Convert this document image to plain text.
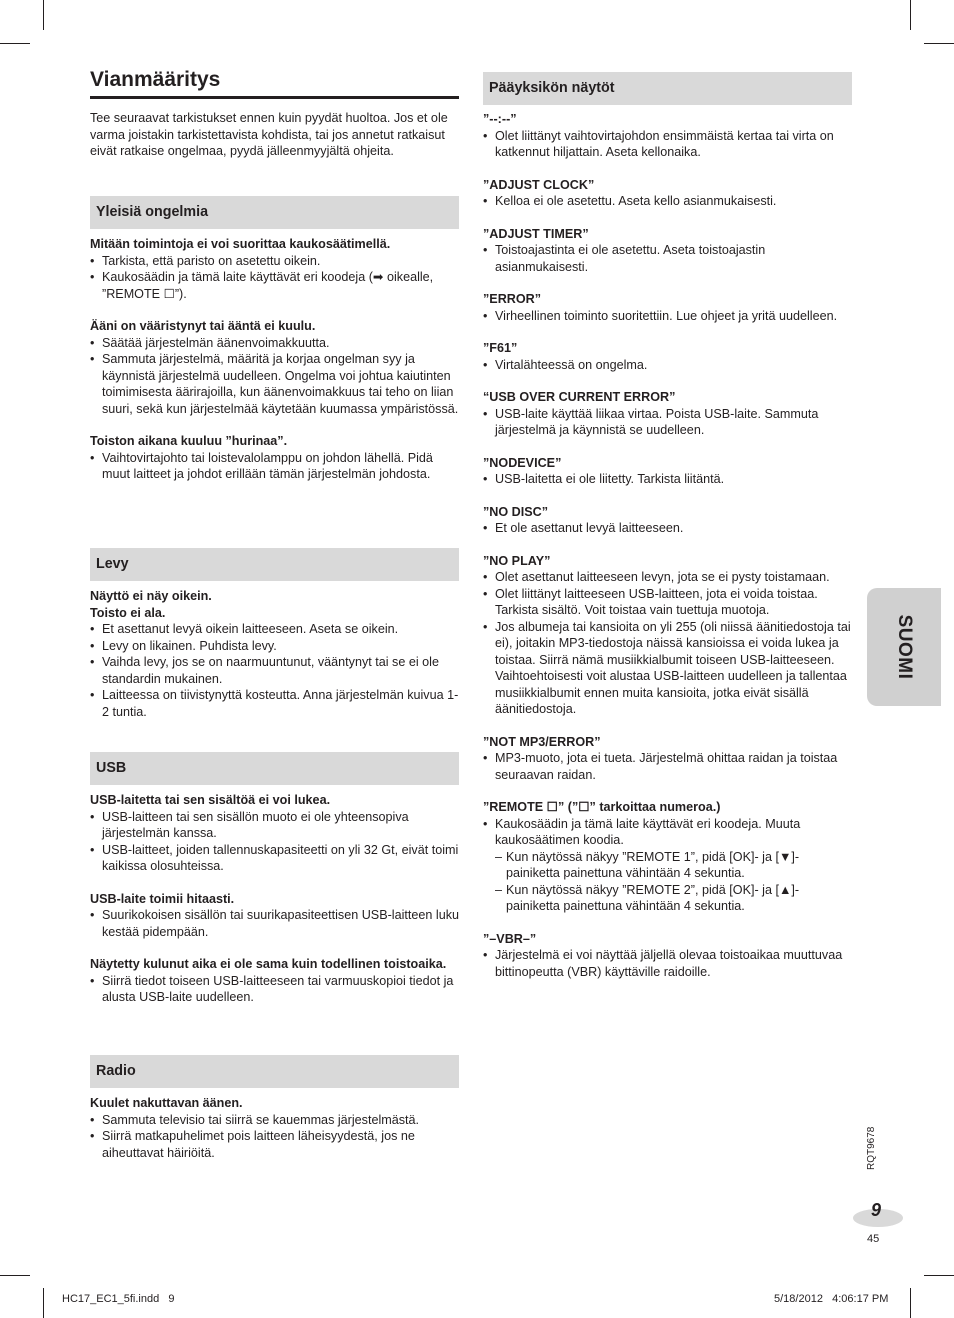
Vianmääritys

Tee seuraavat tarkistukset ennen kuin pyydät huoltoa. Jos et ole varma joistakin tarkistettavista kohdista, tai jos annetut ratkaisut eivät ratkaise ongelmaa, pyydä jälleenmyyjältä ohjeita.

Yleisiä ongelmia

Mitään toimintoja ei voi suorittaa kaukosäätimellä.

• Tarkista, että paristo on asetettu oikein.
• Kaukosäädin ja tämä laite käyttävät eri koodeja (➡ oikealle, ”REMOTE ☐”).

Ääni on vääristynyt tai ääntä ei kuulu.

• Säätää järjestelmän äänenvoimakkuutta.
• Sammuta järjestelmä, määritä ja korjaa ongelman syy ja käynnistä järjestelmä uudelleen. Ongelma voi johtua kaiutinten toimimisesta äärirajoilla, kun äänenvoimakkuus tai teho on liian suuri, sekä kun järjestelmää käytetään kuumassa ympäristössä.

Toiston aikana kuuluu ”hurinaa”.

• Vaihtovirtajohto tai loistevalolamppu on johdon lähellä. Pidä muut laitteet ja johdot erillään tämän järjestelmän johdosta.
Levy

Näyttö ei näy oikein.

Toisto ei ala.

• Et asettanut levyä oikein laitteeseen. Aseta se oikein.
• Levy on likainen. Puhdista levy.
• Vaihda levy, jos se on naarmuuntunut, vääntynyt tai se ei ole standardin mukainen.
• Laitteessa on tiivistynyttä kosteutta. Anna järjestelmän kuivua 1-2 tuntia.
USB

USB-laitetta tai sen sisältöä ei voi lukea.

• USB-laitteen tai sen sisällön muoto ei ole yhteensopiva järjestelmän kanssa.
• USB-laitteet, joiden tallennuskapasiteetti on yli 32 Gt, eivät toimi kaikissa olosuhteissa.

USB-laite toimii hitaasti.

• Suurikokoisen sisällön tai suurikapasiteettisen USB-laitteen luku kestää pidempään.

Näytetty kulunut aika ei ole sama kuin todellinen toistoaika.

• Siirrä tiedot toiseen USB-laitteeseen tai varmuuskopioi tiedot ja alusta USB-laite uudelleen.
Radio

Kuulet nakuttavan äänen.

• Sammuta televisio tai siirrä se kauemmas järjestelmästä.
• Siirrä matkapuhelimet pois laitteen läheisyydestä, jos ne aiheuttavat häiriöitä.
Pääyksikön näytöt

”--:--”

• Olet liittänyt vaihtovirtajohdon ensimmäistä kertaa tai virta on katkennut hiljattain. Aseta kellonaika.

”ADJUST CLOCK”

• Kelloa ei ole asetettu. Aseta kello asianmukaisesti.

”ADJUST TIMER”

• Toistoajastinta ei ole asetettu. Aseta toistoajastin asianmukaisesti.

”ERROR”

• Virheellinen toiminto suoritettiin. Lue ohjeet ja yritä uudelleen.

”F61”

• Virtalähteessä on ongelma.

“USB OVER CURRENT ERROR”

• USB-laite käyttää liikaa virtaa. Poista USB-laite. Sammuta järjestelmä ja käynnistä se uudelleen.

”NODEVICE”

• USB-laitetta ei ole liitetty. Tarkista liitäntä.

”NO DISC”

• Et ole asettanut levyä laitteeseen.

”NO PLAY”

• Olet asettanut laitteeseen levyn, jota se ei pysty toistamaan.
• Olet liittänyt laitteeseen USB-laitteen, jota ei voida toistaa. Tarkista sisältö. Voit toistaa vain tuettuja muotoja.
• Jos albumeja tai kansioita on yli 255 (oli niissä äänitiedostoja tai ei), joitakin MP3-tiedostoja näissä kansioissa ei voida lukea ja toistaa. Siirrä nämä musiikkialbumit toiseen USB-laitteeseen. Vaihtoehtoisesti voit alustaa USB-laitteen uudelleen ja tallentaa musiikkialbumit ennen muita kansioita, jotka eivät sisällä äänitiedostoja.

”NOT MP3/ERROR”

• MP3-muoto, jota ei tueta. Järjestelmä ohittaa raidan ja toistaa seuraavan raidan.

”REMOTE ☐” (”☐” tarkoittaa numeroa.)

• Kaukosäädin ja tämä laite käyttävät eri koodeja. Muuta kaukosäätimen koodia.
– Kun näytössä näkyy ”REMOTE 1”, pidä [OK]- ja [▼]-painiketta painettuna vähintään 4 sekuntia.
– Kun näytössä näkyy ”REMOTE 2”, pidä [OK]- ja [▲]-painiketta painettuna vähintään 4 sekuntia.

”–VBR–”

• Järjestelmä ei voi näyttää jäljellä olevaa toistoaikaa muuttuvaa bittinopeutta (VBR) käyttäville raidoille.
SUOMI
RQT9678
9
45
HC17_EC1_5fi.indd   9	5/18/2012   4:06:17 PM
